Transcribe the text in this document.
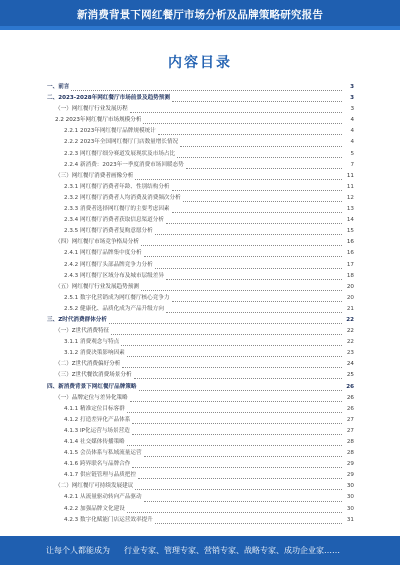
新消费背景下网红餐厅市场分析及品牌策略研究报告
内容目录
一、前言	3
二、2023-2028年网红餐厅市场前景及趋势预测	3
（一）网红餐厅行业发展历程	3
2.2 2023年网红餐厅市场规模分析	4
2.2.1 2023年网红餐厅品牌规模统计	4
2.2.2 2023年全国网红餐厅门店数量增长情况	4
2.2.3 网红餐厅细分赛道发展现状及市场占比	5
2.2.4 新消费：2023年一季度消费市场回暖态势	7
（三）网红餐厅消费者画像分析	11
2.3.1 网红餐厅消费者年龄、性别结构分析	11
2.3.2 网红餐厅消费者人均消费及消费频次分析	12
2.3.3 消费者选择网红餐厅的主要考虑因素	13
2.3.4 网红餐厅消费者获取信息渠道分析	14
2.3.5 网红餐厅消费者复购意愿分析	15
（四）网红餐厅市场竞争格局分析	16
2.4.1 网红餐厅品牌集中度分析	16
2.4.2 网红餐厅头部品牌竞争力分析	17
2.4.3 网红餐厅区域分布及城市层级差异	18
（五）网红餐厅行业发展趋势预测	20
2.5.1 数字化营销成为网红餐厅核心竞争力	20
2.5.2 健康化、品质化成为产品升级方向	21
三、Z时代消费群体分析	22
（一）Z世代消费特征	22
3.1.1 消费观念与特点	22
3.1.2 消费决策影响因素	23
（二）Z世代消费偏好分析	24
（三）Z世代餐饮消费场景分析	25
四、新消费背景下网红餐厅品牌策略	26
（一）品牌定位与差异化策略	26
4.1.1 精准定位目标客群	26
4.1.2 打造差异化产品体系	27
4.1.3 IP化运营与场景营造	27
4.1.4 社交媒体传播策略	28
4.1.5 会员体系与私域流量运营	28
4.1.6 跨界联名与品牌合作	29
4.1.7 供应链管理与品质把控	29
（二）网红餐厅可持续发展建议	30
4.2.1 从流量驱动转向产品驱动	30
4.2.2 加强品牌文化建设	30
4.2.3 数字化赋能门店运营效率提升	31
让每个人都能成为 行业专家、管理专家、营销专家、战略专家、成功企业家……
